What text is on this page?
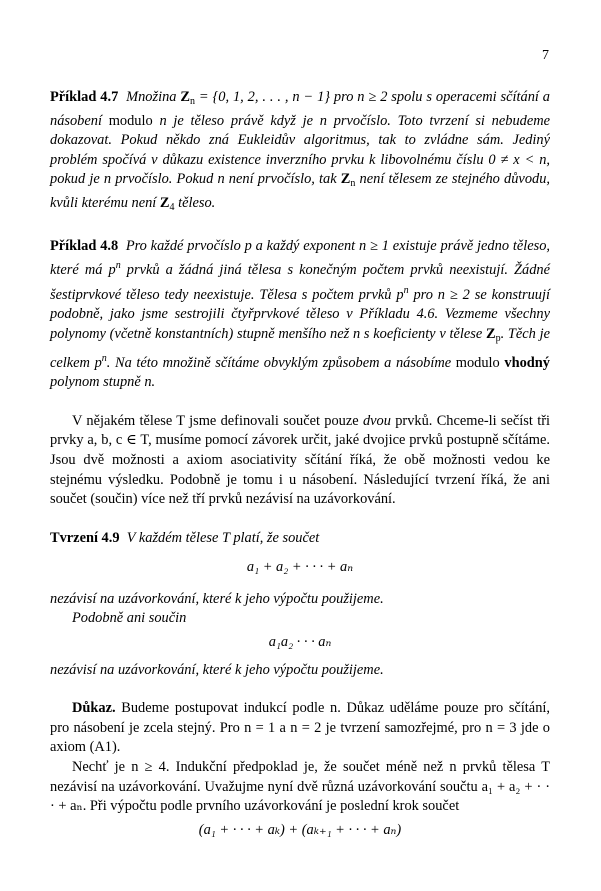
7

Příklad 4.7 Množina $Z_n = \{0$, 1, 2, . . . , n − 1} pro n ≥ 2 spolu s operacemi sčítání a násobení modulo n je těleso právě když je n prvočíslo. Toto tvrzení si nebudeme dokazovat. Pokud někdo zná Eukleidův algoritmus, tak to zvládne sám. Jediný problém spočívá v důkazu existence inverzního prvku k libovolnému číslu 0 ≠ x < n, pokud je n prvočíslo. Pokud n není prvočíslo, tak $Z_n$ není tělesem ze stejného důvodu, kvůli kterému není $Z_4$ těleso.

Příklad 4.8 Pro každé prvočíslo p a každý exponent n ≥ 1 existuje právě jedno těleso, které má $p^n$ prvků a žádná jiná tělesa s konečným počtem prvků neexistují. Žádné šestiprvkové těleso tedy neexistuje. Tělesa s počtem prvků $p^n$ pro n ≥ 2 se konstruují podobně, jako jsme sestrojili čtyřprvkové těleso v Příkladu 4.6. Vezmeme všechny polynomy (včetně konstantních) stupně menšího než n s koeficienty v tělese $Z_p$. Těch je celkem $p^n$. Na této množině sčítáme obvyklým způsobem a násobíme modulo vhodný polynom stupně n.

V nějakém tělese T jsme definovali součet pouze dvou prvků. Chceme-li sečíst tři prvky a, b, c ∈ T, musíme pomocí závorek určit, jaké dvojice prvků postupně sčítáme. Jsou dvě možnosti a axiom asociativity sčítání říká, že obě možnosti vedou ke stejnému výsledku. Podobně je tomu i u násobení. Následující tvrzení říká, že ani součet (součin) více než tří prvků nezávisí na uzávorkování.

Tvrzení 4.9 V každém tělese T platí, že součet

a₁ + a₂ + · · · + aₙ

nezávisí na uzávorkování, které k jeho výpočtu použijeme.

Podobně ani součin

a₁a₂ · · · aₙ

nezávisí na uzávorkování, které k jeho výpočtu použijeme.

Důkaz. Budeme postupovat indukcí podle n. Důkaz uděláme pouze pro sčítání, pro násobení je zcela stejný. Pro n = 1 a n = 2 je tvrzení samozřejmé, pro n = 3 jde o axiom (A1).

Nechť je n ≥ 4. Indukční předpoklad je, že součet méně než n prvků tělesa T nezávisí na uzávorkování. Uvažujme nyní dvě různá uzávorkování součtu a₁ + a₂ + · · · + aₙ. Při výpočtu podle prvního uzávorkování je poslední krok součet

(a₁ + · · · + aₖ) + (aₖ₊₁ + · · · + aₙ)
